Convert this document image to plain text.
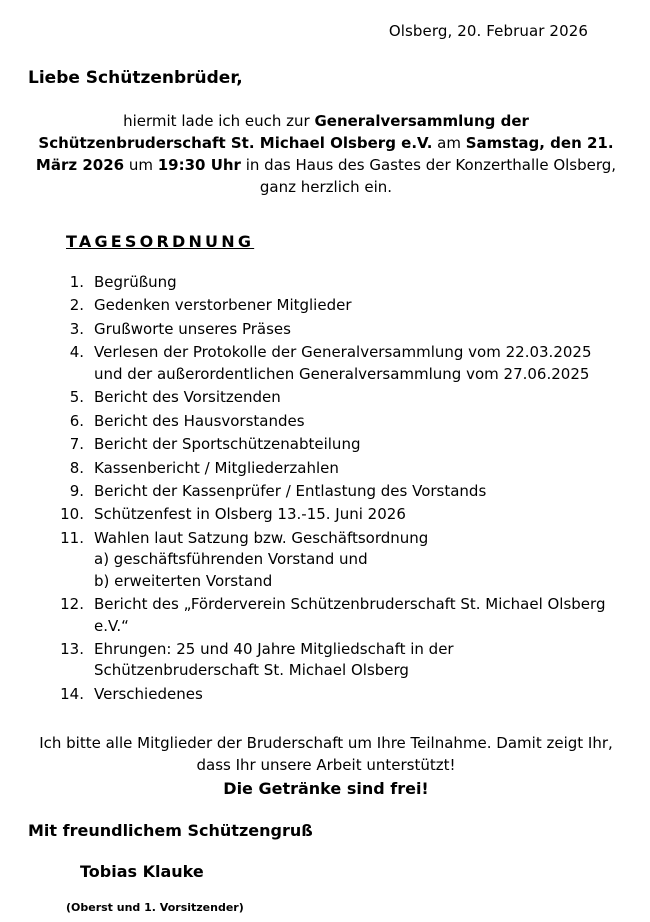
Olsberg, 20. Februar 2026
Liebe Schützenbrüder,
hiermit lade ich euch zur Generalversammlung der Schützenbruderschaft St. Michael Olsberg e.V. am Samstag, den 21. März 2026 um 19:30 Uhr in das Haus des Gastes der Konzerthalle Olsberg, ganz herzlich ein.
TAGESORDNUNG
1. Begrüßung
2. Gedenken verstorbener Mitglieder
3. Grußworte unseres Präses
4. Verlesen der Protokolle der Generalversammlung vom 22.03.2025 und der außerordentlichen Generalversammlung vom 27.06.2025
5. Bericht des Vorsitzenden
6. Bericht des Hausvorstandes
7. Bericht der Sportschützenabteilung
8. Kassenbericht / Mitgliederzahlen
9. Bericht der Kassenprüfer / Entlastung des Vorstands
10. Schützenfest in Olsberg 13.-15. Juni 2026
11. Wahlen laut Satzung bzw. Geschäftsordnung
a) geschäftsführenden Vorstand und
b) erweiterten Vorstand
12. Bericht des „Förderverein Schützenbruderschaft St. Michael Olsberg e.V.“
13. Ehrungen: 25 und 40 Jahre Mitgliedschaft in der Schützenbruderschaft St. Michael Olsberg
14. Verschiedenes
Ich bitte alle Mitglieder der Bruderschaft um Ihre Teilnahme. Damit zeigt Ihr, dass Ihr unsere Arbeit unterstützt!
Die Getränke sind frei!
Mit freundlichem Schützengruß
Tobias Klauke
(Oberst und 1. Vorsitzender)
